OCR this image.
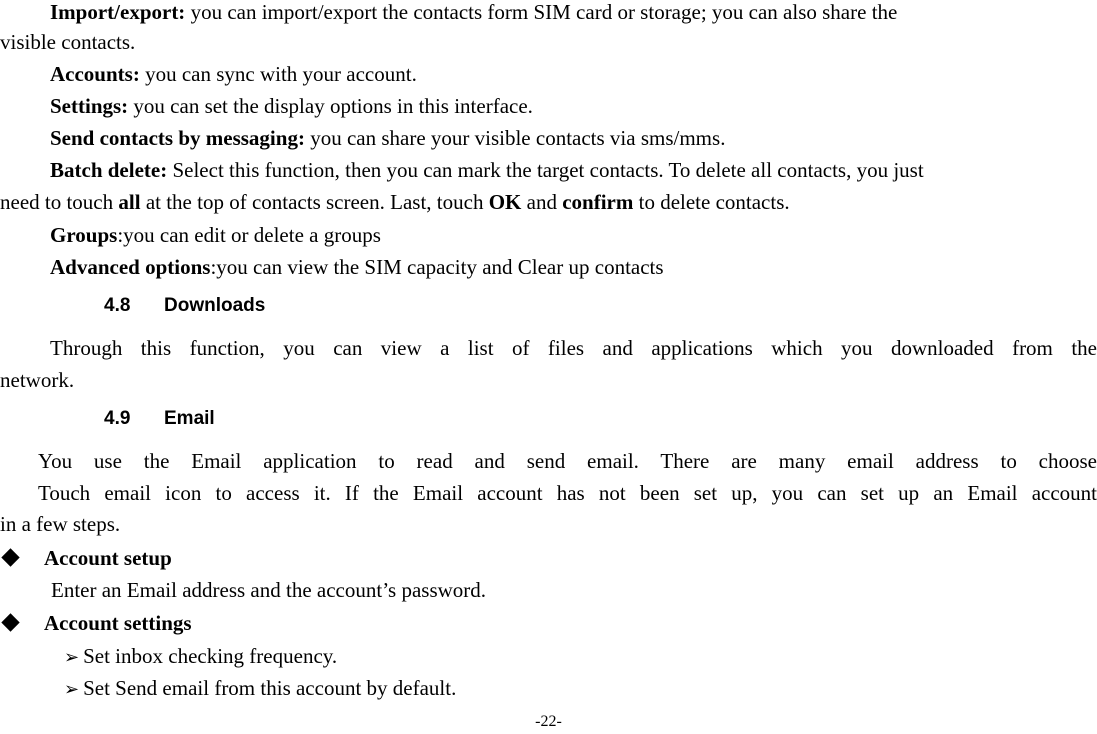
Import/export: you can import/export the contacts form SIM card or storage; you can also share the
visible contacts.
Accounts: you can sync with your account.
Settings: you can set the display options in this interface.
Send contacts by messaging: you can share your visible contacts via sms/mms.
Batch delete: Select this function, then you can mark the target contacts. To delete all contacts, you just
need to touch all at the top of contacts screen. Last, touch OK and confirm to delete contacts.
Groups:you can edit or delete a groups
Advanced options:you can view the SIM capacity and Clear up contacts
4.8 Downloads
Through this function, you can view a list of files and applications which you downloaded from the
network.
4.9 Email
You use the Email application to read and send email. There are many email address to choose
Touch email icon to access it. If the Email account has not been set up, you can set up an Email account
in a few steps.
Account setup
Enter an Email address and the account’s password.
Account settings
➢ Set inbox checking frequency.
➢ Set Send email from this account by default.
-22-
